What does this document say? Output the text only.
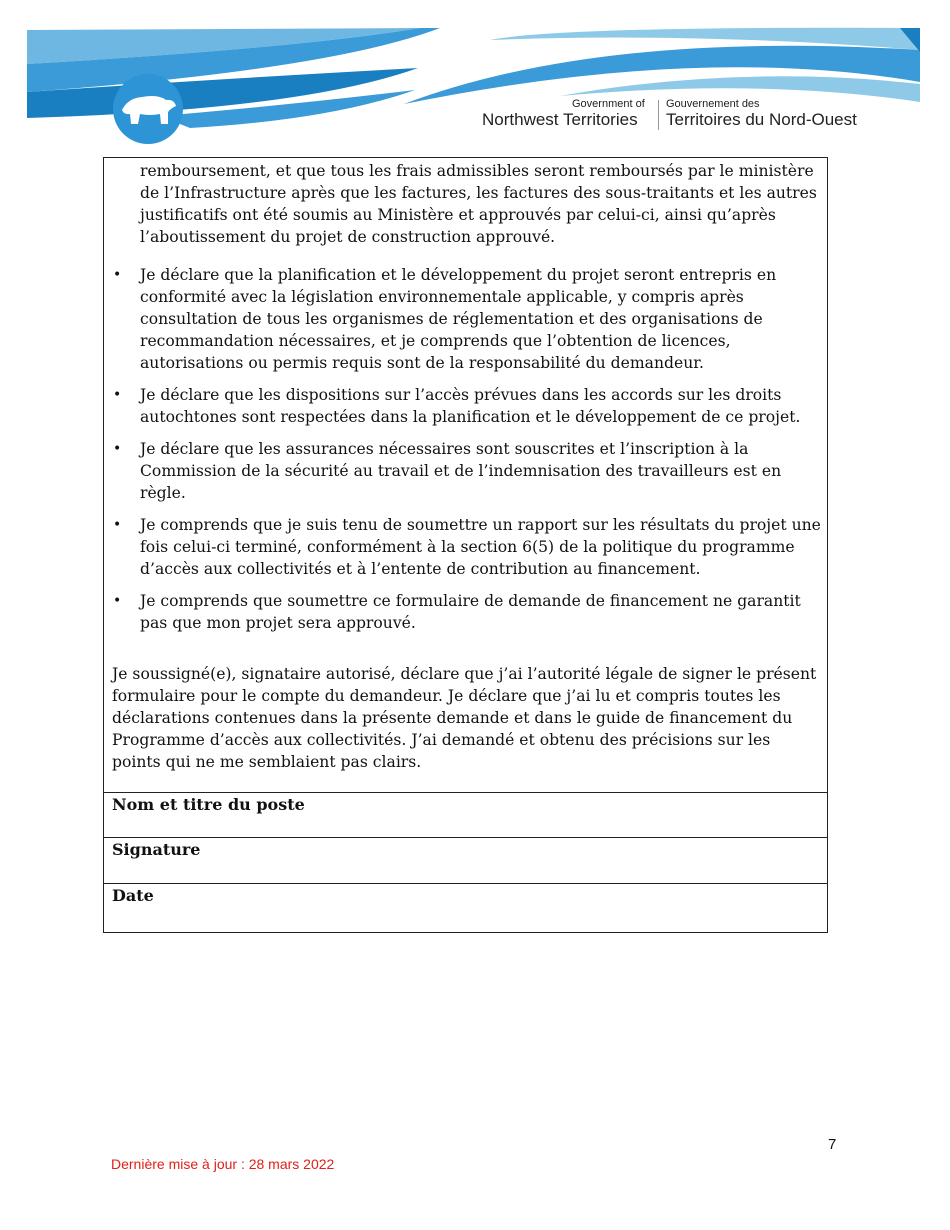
Government of
Northwest Territories
Gouvernement des
Territoires du Nord-Ouest

remboursement, et que tous les frais admissibles seront remboursés par le ministère de l’Infrastructure après que les factures, les factures des sous-traitants et les autres justificatifs ont été soumis au Ministère et approuvés par celui-ci, ainsi qu’après l’aboutissement du projet de construction approuvé.

• Je déclare que la planification et le développement du projet seront entrepris en conformité avec la législation environnementale applicable, y compris après consultation de tous les organismes de réglementation et des organisations de recommandation nécessaires, et je comprends que l’obtention de licences, autorisations ou permis requis sont de la responsabilité du demandeur.
• Je déclare que les dispositions sur l’accès prévues dans les accords sur les droits autochtones sont respectées dans la planification et le développement de ce projet.
• Je déclare que les assurances nécessaires sont souscrites et l’inscription à la Commission de la sécurité au travail et de l’indemnisation des travailleurs est en règle.
• Je comprends que je suis tenu de soumettre un rapport sur les résultats du projet une fois celui-ci terminé, conformément à la section 6(5) de la politique du programme d’accès aux collectivités et à l’entente de contribution au financement.
• Je comprends que soumettre ce formulaire de demande de financement ne garantit pas que mon projet sera approuvé.

Je soussigné(e), signataire autorisé, déclare que j’ai l’autorité légale de signer le présent formulaire pour le compte du demandeur. Je déclare que j’ai lu et compris toutes les déclarations contenues dans la présente demande et dans le guide de financement du Programme d’accès aux collectivités. J’ai demandé et obtenu des précisions sur les points qui ne me semblaient pas clairs.

Nom et titre du poste
Signature
Date
7
Dernière mise à jour : 28 mars 2022
